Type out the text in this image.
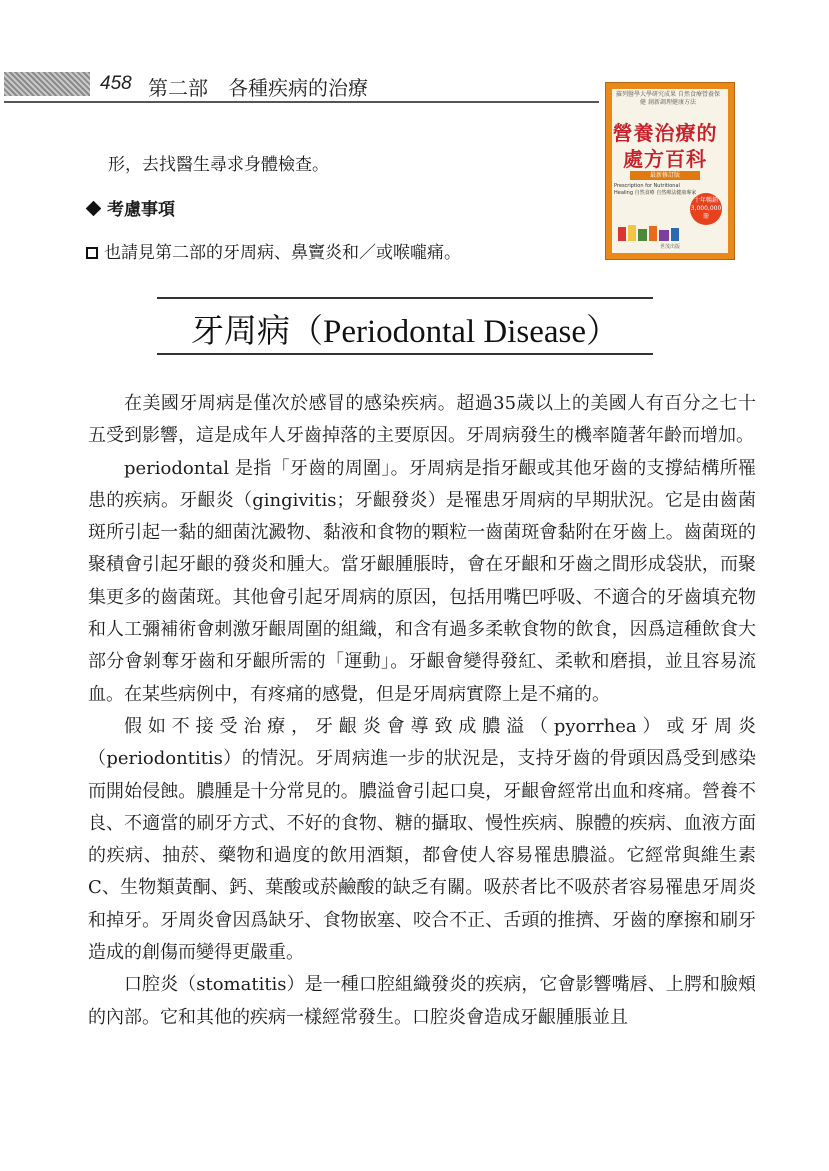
458 第二部　各種疾病的治療	羅列醫學大學研究成果 自然食療營養保健 創新調理健康方法
營養治療的
處方百科
最新修訂版
Prescription for Nutritional Healing 自然食療 自然療法健康專家
十年暢銷 3,000,000冊
世茂出版
形，去找醫生尋求身體檢查。
考慮事項
也請見第二部的牙周病、鼻竇炎和／或喉嚨痛。
牙周病（Periodontal Disease）

在美國牙周病是僅次於感冒的感染疾病。超過35歲以上的美國人有百分之七十五受到影響，這是成年人牙齒掉落的主要原因。牙周病發生的機率隨著年齡而增加。

periodontal 是指「牙齒的周圍」。牙周病是指牙齦或其他牙齒的支撐結構所罹患的疾病。牙齦炎（gingivitis；牙齦發炎）是罹患牙周病的早期狀況。它是由齒菌斑所引起一黏的細菌沈澱物、黏液和食物的顆粒一齒菌斑會黏附在牙齒上。齒菌斑的聚積會引起牙齦的發炎和腫大。當牙齦腫脹時，會在牙齦和牙齒之間形成袋狀，而聚集更多的齒菌斑。其他會引起牙周病的原因，包括用嘴巴呼吸、不適合的牙齒填充物和人工彌補術會刺激牙齦周圍的組織，和含有過多柔軟食物的飲食，因爲這種飲食大部分會剝奪牙齒和牙齦所需的「運動」。牙齦會變得發紅、柔軟和磨損，並且容易流血。在某些病例中，有疼痛的感覺，但是牙周病實際上是不痛的。

假如不接受治療，牙齦炎會導致成膿溢（pyorrhea）或牙周炎（periodontitis）的情況。牙周病進一步的狀況是，支持牙齒的骨頭因爲受到感染而開始侵蝕。膿腫是十分常見的。膿溢會引起口臭，牙齦會經常出血和疼痛。營養不良、不適當的刷牙方式、不好的食物、糖的攝取、慢性疾病、腺體的疾病、血液方面的疾病、抽菸、藥物和過度的飲用酒類，都會使人容易罹患膿溢。它經常與維生素 C、生物類黃酮、鈣、葉酸或菸鹼酸的缺乏有關。吸菸者比不吸菸者容易罹患牙周炎和掉牙。牙周炎會因爲缺牙、食物嵌塞、咬合不正、舌頭的推擠、牙齒的摩擦和刷牙造成的創傷而變得更嚴重。

口腔炎（stomatitis）是一種口腔組織發炎的疾病，它會影響嘴唇、上腭和臉頰的內部。它和其他的疾病一樣經常發生。口腔炎會造成牙齦腫脹並且
